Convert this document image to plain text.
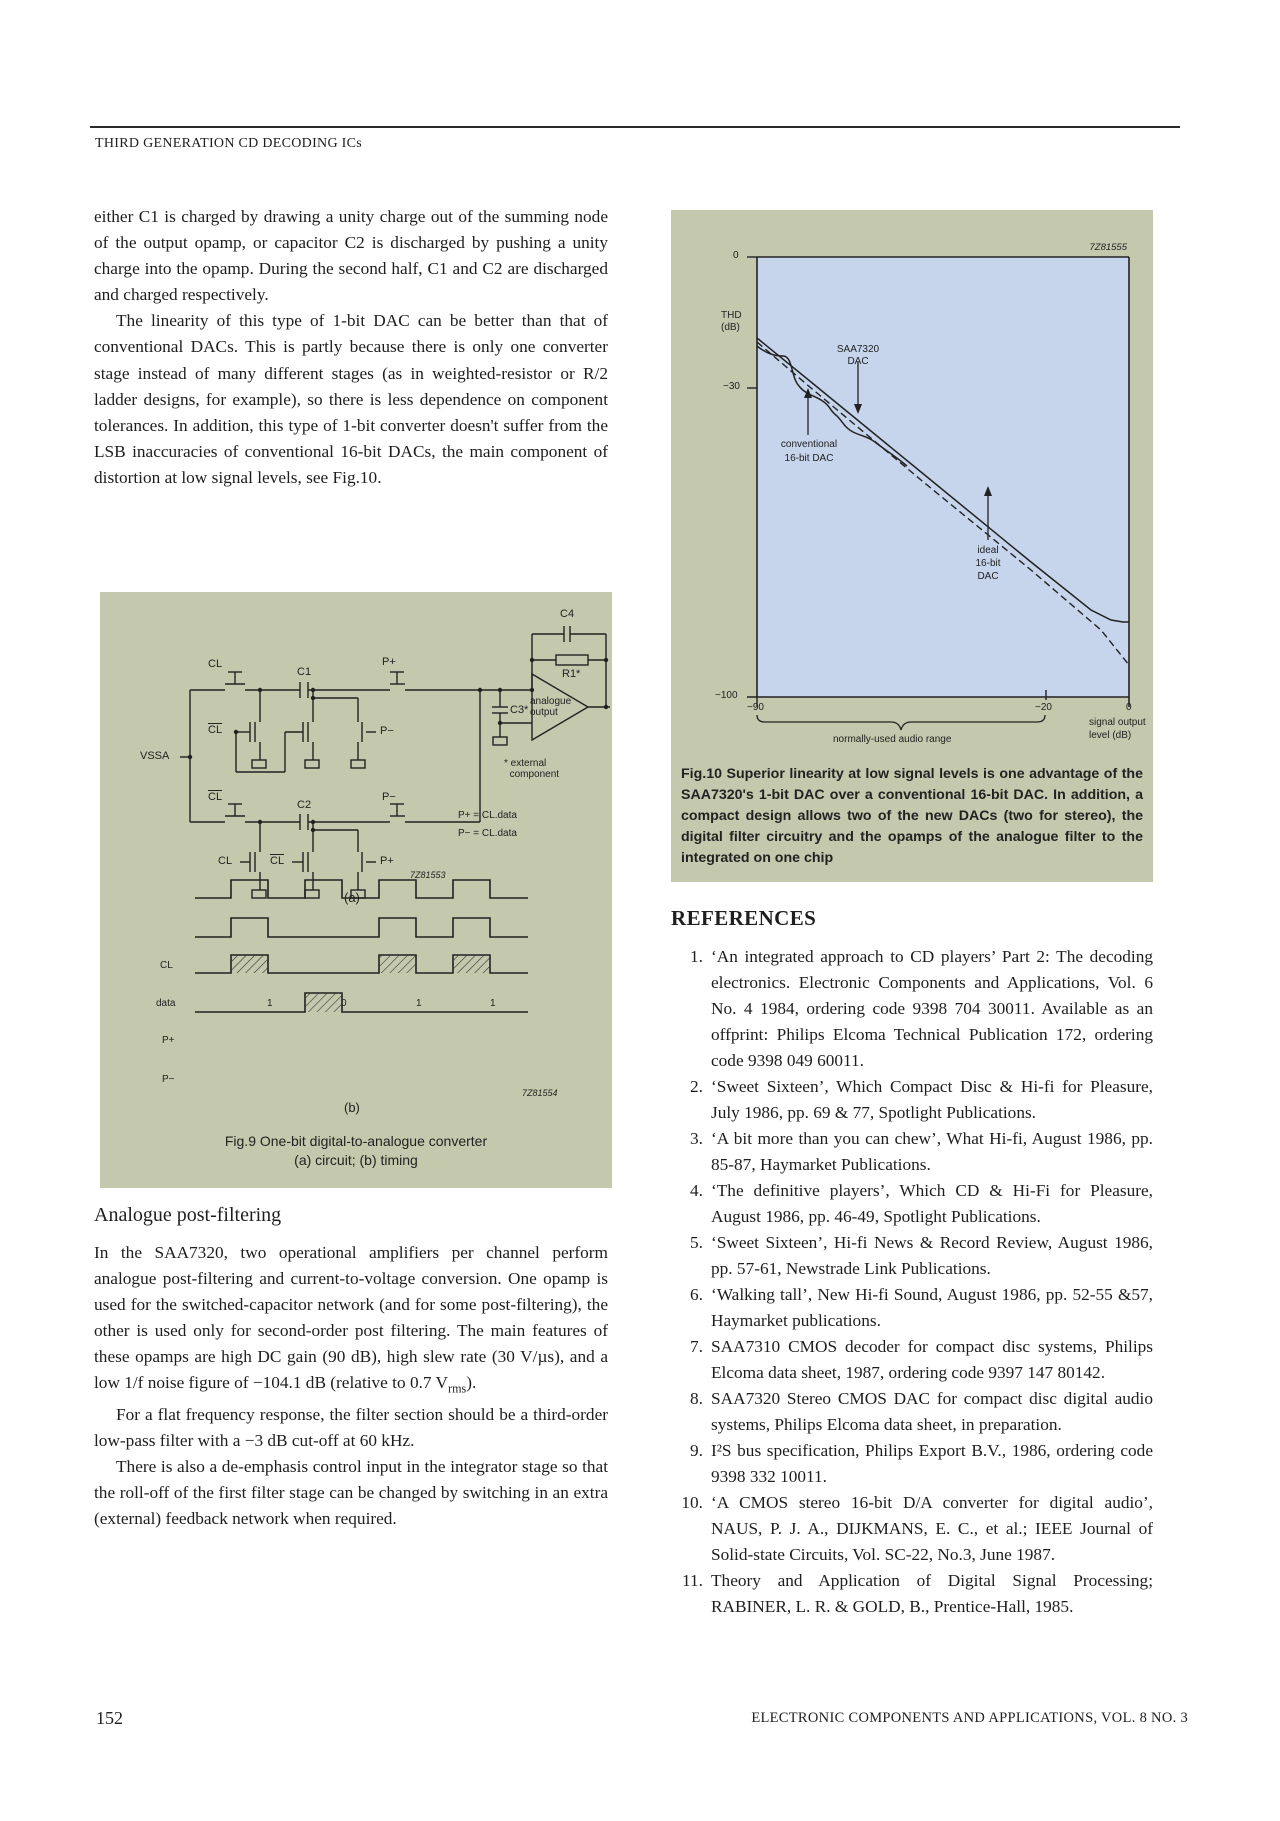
THIRD GENERATION CD DECODING ICs

either C1 is charged by drawing a unity charge out of the summing node of the output opamp, or capacitor C2 is discharged by pushing a unity charge into the opamp. During the second half, C1 and C2 are discharged and charged respectively.

The linearity of this type of 1-bit DAC can be better than that of conventional DACs. This is partly because there is only one converter stage instead of many different stages (as in weighted-resistor or R/2 ladder designs, for example), so there is less dependence on component tolerances. In addition, this type of 1-bit converter doesn't suffer from the LSB inaccuracies of conventional 16-bit DACs, the main component of distortion at low signal levels, see Fig.10.

C4
R1*
CL
C1
P+
$\overline{CL}$	P−
VSSA
C3*
analogue
output
* external
component
$\overline{CL}$
C2
P−
P+ = CL.data
P− = CL.data
CL	$\overline{CL}$	P+
7Z81553
(a)
CL
data
P+
P−
1	0	1	1
7Z81554
(b)
Fig.9 One-bit digital-to-analogue converter
(a) circuit; (b) timing
Analogue post-filtering

In the SAA7320, two operational amplifiers per channel perform analogue post-filtering and current-to-voltage conversion. One opamp is used for the switched-capacitor network (and for some post-filtering), the other is used only for second-order post filtering. The main features of these opamps are high DC gain (90 dB), high slew rate (30 V/µs), and a low 1/f noise figure of −104.1 dB (relative to 0.7 $V_{rms}$).

For a flat frequency response, the filter section should be a third-order low-pass filter with a −3 dB cut-off at 60 kHz.

There is also a de-emphasis control input in the integrator stage so that the roll-off of the first filter stage can be changed by switching in an extra (external) feedback network when required.

7Z81555
0
−30
−100
THD
(dB)
−90	−20	0
signal output
level (dB)
SAA7320
DAC
conventional
16-bit DAC
ideal
16-bit
DAC
normally-used audio range
Fig.10 Superior linearity at low signal levels is one advantage of the SAA7320's 1-bit DAC over a conventional 16-bit DAC. In addition, a compact design allows two of the new DACs (two for stereo), the digital filter circuitry and the opamps of the analogue filter to the integrated on one chip
REFERENCES
1. ‘An integrated approach to CD players’ Part 2: The decoding electronics. Electronic Components and Applications, Vol. 6 No. 4 1984, ordering code 9398 704 30011. Available as an offprint: Philips Elcoma Technical Publication 172, ordering code 9398 049 60011.
2. ‘Sweet Sixteen’, Which Compact Disc & Hi-fi for Pleasure, July 1986, pp. 69 & 77, Spotlight Publications.
3. ‘A bit more than you can chew’, What Hi-fi, August 1986, pp. 85-87, Haymarket Publications.
4. ‘The definitive players’, Which CD & Hi-Fi for Pleasure, August 1986, pp. 46-49, Spotlight Publications.
5. ‘Sweet Sixteen’, Hi-fi News & Record Review, August 1986, pp. 57-61, Newstrade Link Publications.
6. ‘Walking tall’, New Hi-fi Sound, August 1986, pp. 52-55 &57, Haymarket publications.
7. SAA7310 CMOS decoder for compact disc systems, Philips Elcoma data sheet, 1987, ordering code 9397 147 80142.
8. SAA7320 Stereo CMOS DAC for compact disc digital audio systems, Philips Elcoma data sheet, in preparation.
9. I²S bus specification, Philips Export B.V., 1986, ordering code 9398 332 10011.
10. ‘A CMOS stereo 16-bit D/A converter for digital audio’, NAUS, P. J. A., DIJKMANS, E. C., et al.; IEEE Journal of Solid-state Circuits, Vol. SC-22, No.3, June 1987.
11. Theory and Application of Digital Signal Processing; RABINER, L. R. & GOLD, B., Prentice-Hall, 1985.
152	ELECTRONIC COMPONENTS AND APPLICATIONS, VOL. 8 NO. 3
